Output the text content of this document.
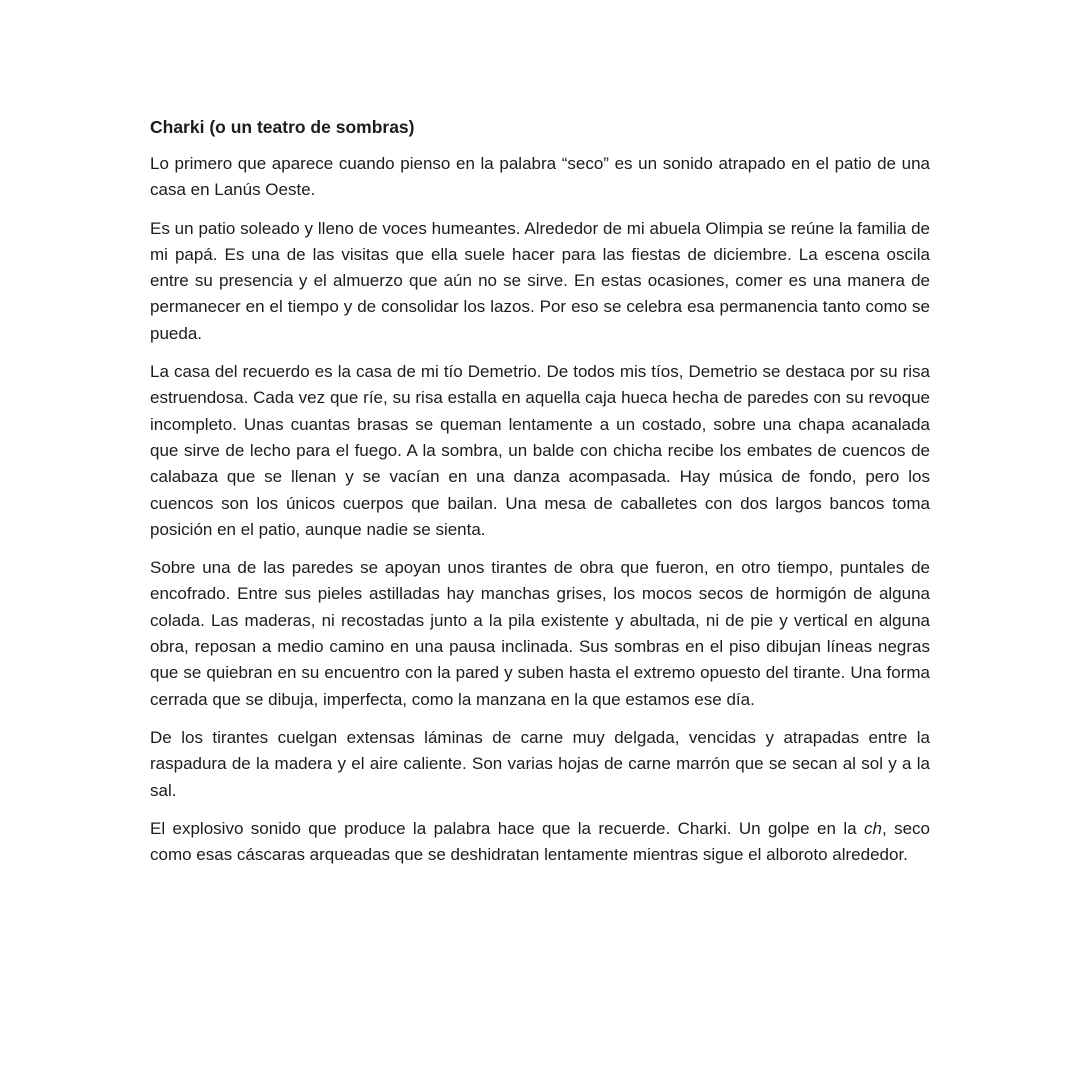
Charki (o un teatro de sombras)

Lo primero que aparece cuando pienso en la palabra “seco” es un sonido atrapado en el patio de una casa en Lanús Oeste.

Es un patio soleado y lleno de voces humeantes. Alrededor de mi abuela Olimpia se reúne la familia de mi papá. Es una de las visitas que ella suele hacer para las fiestas de diciembre. La escena oscila entre su presencia y el almuerzo que aún no se sirve. En estas ocasiones, comer es una manera de permanecer en el tiempo y de consolidar los lazos. Por eso se celebra esa permanencia tanto como se pueda.

La casa del recuerdo es la casa de mi tío Demetrio. De todos mis tíos, Demetrio se destaca por su risa estruendosa. Cada vez que ríe, su risa estalla en aquella caja hueca hecha de paredes con su revoque incompleto. Unas cuantas brasas se queman lentamente a un costado, sobre una chapa acanalada que sirve de lecho para el fuego. A la sombra, un balde con chicha recibe los embates de cuencos de calabaza que se llenan y se vacían en una danza acompasada. Hay música de fondo, pero los cuencos son los únicos cuerpos que bailan. Una mesa de caballetes con dos largos bancos toma posición en el patio, aunque nadie se sienta.

Sobre una de las paredes se apoyan unos tirantes de obra que fueron, en otro tiempo, puntales de encofrado. Entre sus pieles astilladas hay manchas grises, los mocos secos de hormigón de alguna colada. Las maderas, ni recostadas junto a la pila existente y abultada, ni de pie y vertical en alguna obra, reposan a medio camino en una pausa inclinada. Sus sombras en el piso dibujan líneas negras que se quiebran en su encuentro con la pared y suben hasta el extremo opuesto del tirante. Una forma cerrada que se dibuja, imperfecta, como la manzana en la que estamos ese día.

De los tirantes cuelgan extensas láminas de carne muy delgada, vencidas y atrapadas entre la raspadura de la madera y el aire caliente. Son varias hojas de carne marrón que se secan al sol y a la sal.

El explosivo sonido que produce la palabra hace que la recuerde. Charki. Un golpe en la ch, seco como esas cáscaras arqueadas que se deshidratan lentamente mientras sigue el alboroto alrededor.
